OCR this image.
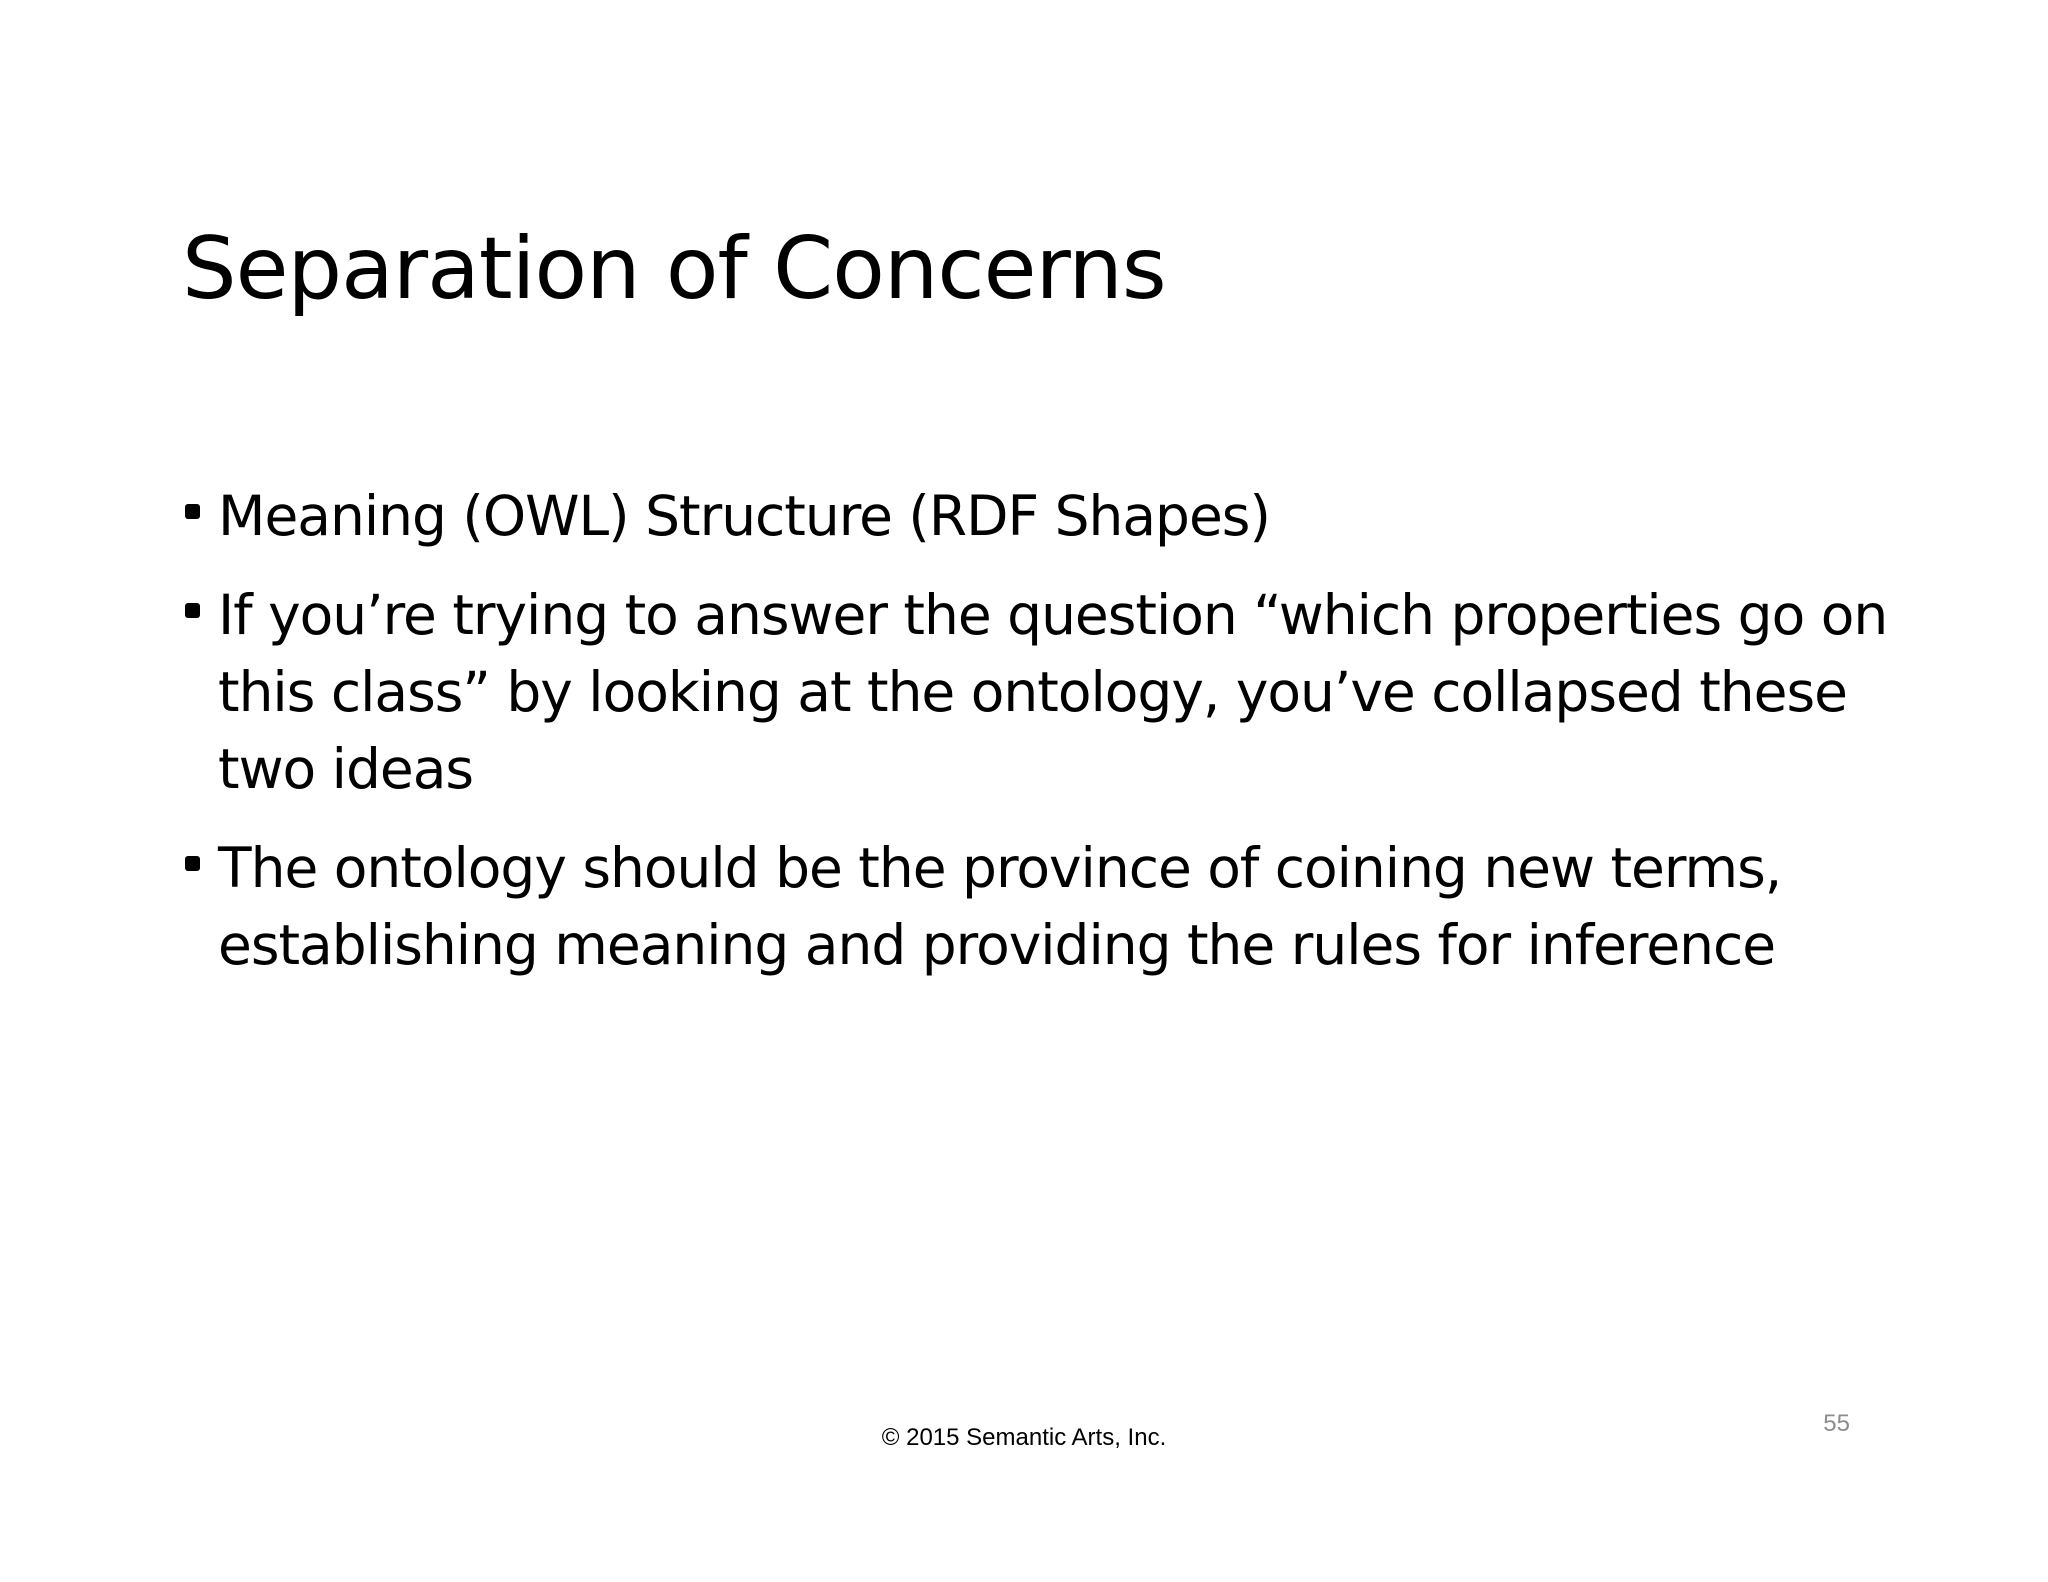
Separation of Concerns
Meaning (OWL) Structure (RDF Shapes)
If you’re trying to answer the question “which properties go on this class” by looking at the ontology, you’ve collapsed these two ideas
The ontology should be the province of coining new terms, establishing meaning and providing the rules for inference
© 2015 Semantic Arts, Inc.
55
